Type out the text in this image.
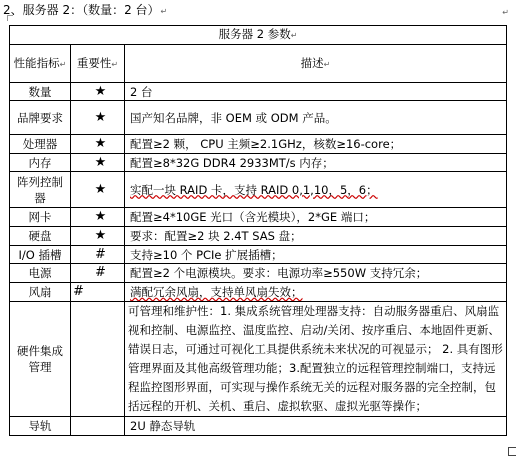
2、服务器 2：（数量：2 台）↵	↵
服务器 2 参数↵		
性能指标↵	重要性↵	描述↵
数量	★	2 台
品牌要求	★	国产知名品牌，非 OEM 或 ODM 产品。
处理器	★	配置≥2 颗， CPU 主频≥2.1GHz，核数≥16-core；
内存	★	配置≥8*32G DDR4 2933MT/s 内存；
阵列控制器	★	实配一块 RAID 卡，支持 RAID 0,1,10，5，6；
网卡	★	配置≥4*10GE 光口（含光模块），2*GE 端口；
硬盘	★	要求：配置≥2 块 2.4T SAS 盘；
I/O 插槽	#	支持≥10 个 PCIe 扩展插槽；
电源	#	配置≥2 个电源模块。要求：电源功率≥550W 支持冗余；
风扇	#	满配冗余风扇，支持单风扇失效；
硬件集成管理		可管理和维护性：1. 集成系统管理处理器支持：自动服务器重启、风扇监视和控制、电源监控、温度监控、启动/关闭、按序重启、本地固件更新、错误日志，可通过可视化工具提供系统未来状况的可视显示； 2. 具有图形管理界面及其他高级管理功能；3.配置独立的远程管理控制端口，支持远程监控图形界面，可实现与操作系统无关的远程对服务器的完全控制，包括远程的开机、关机、重启、虚拟软驱、虚拟光驱等操作；
导轨		2U 静态导轨
